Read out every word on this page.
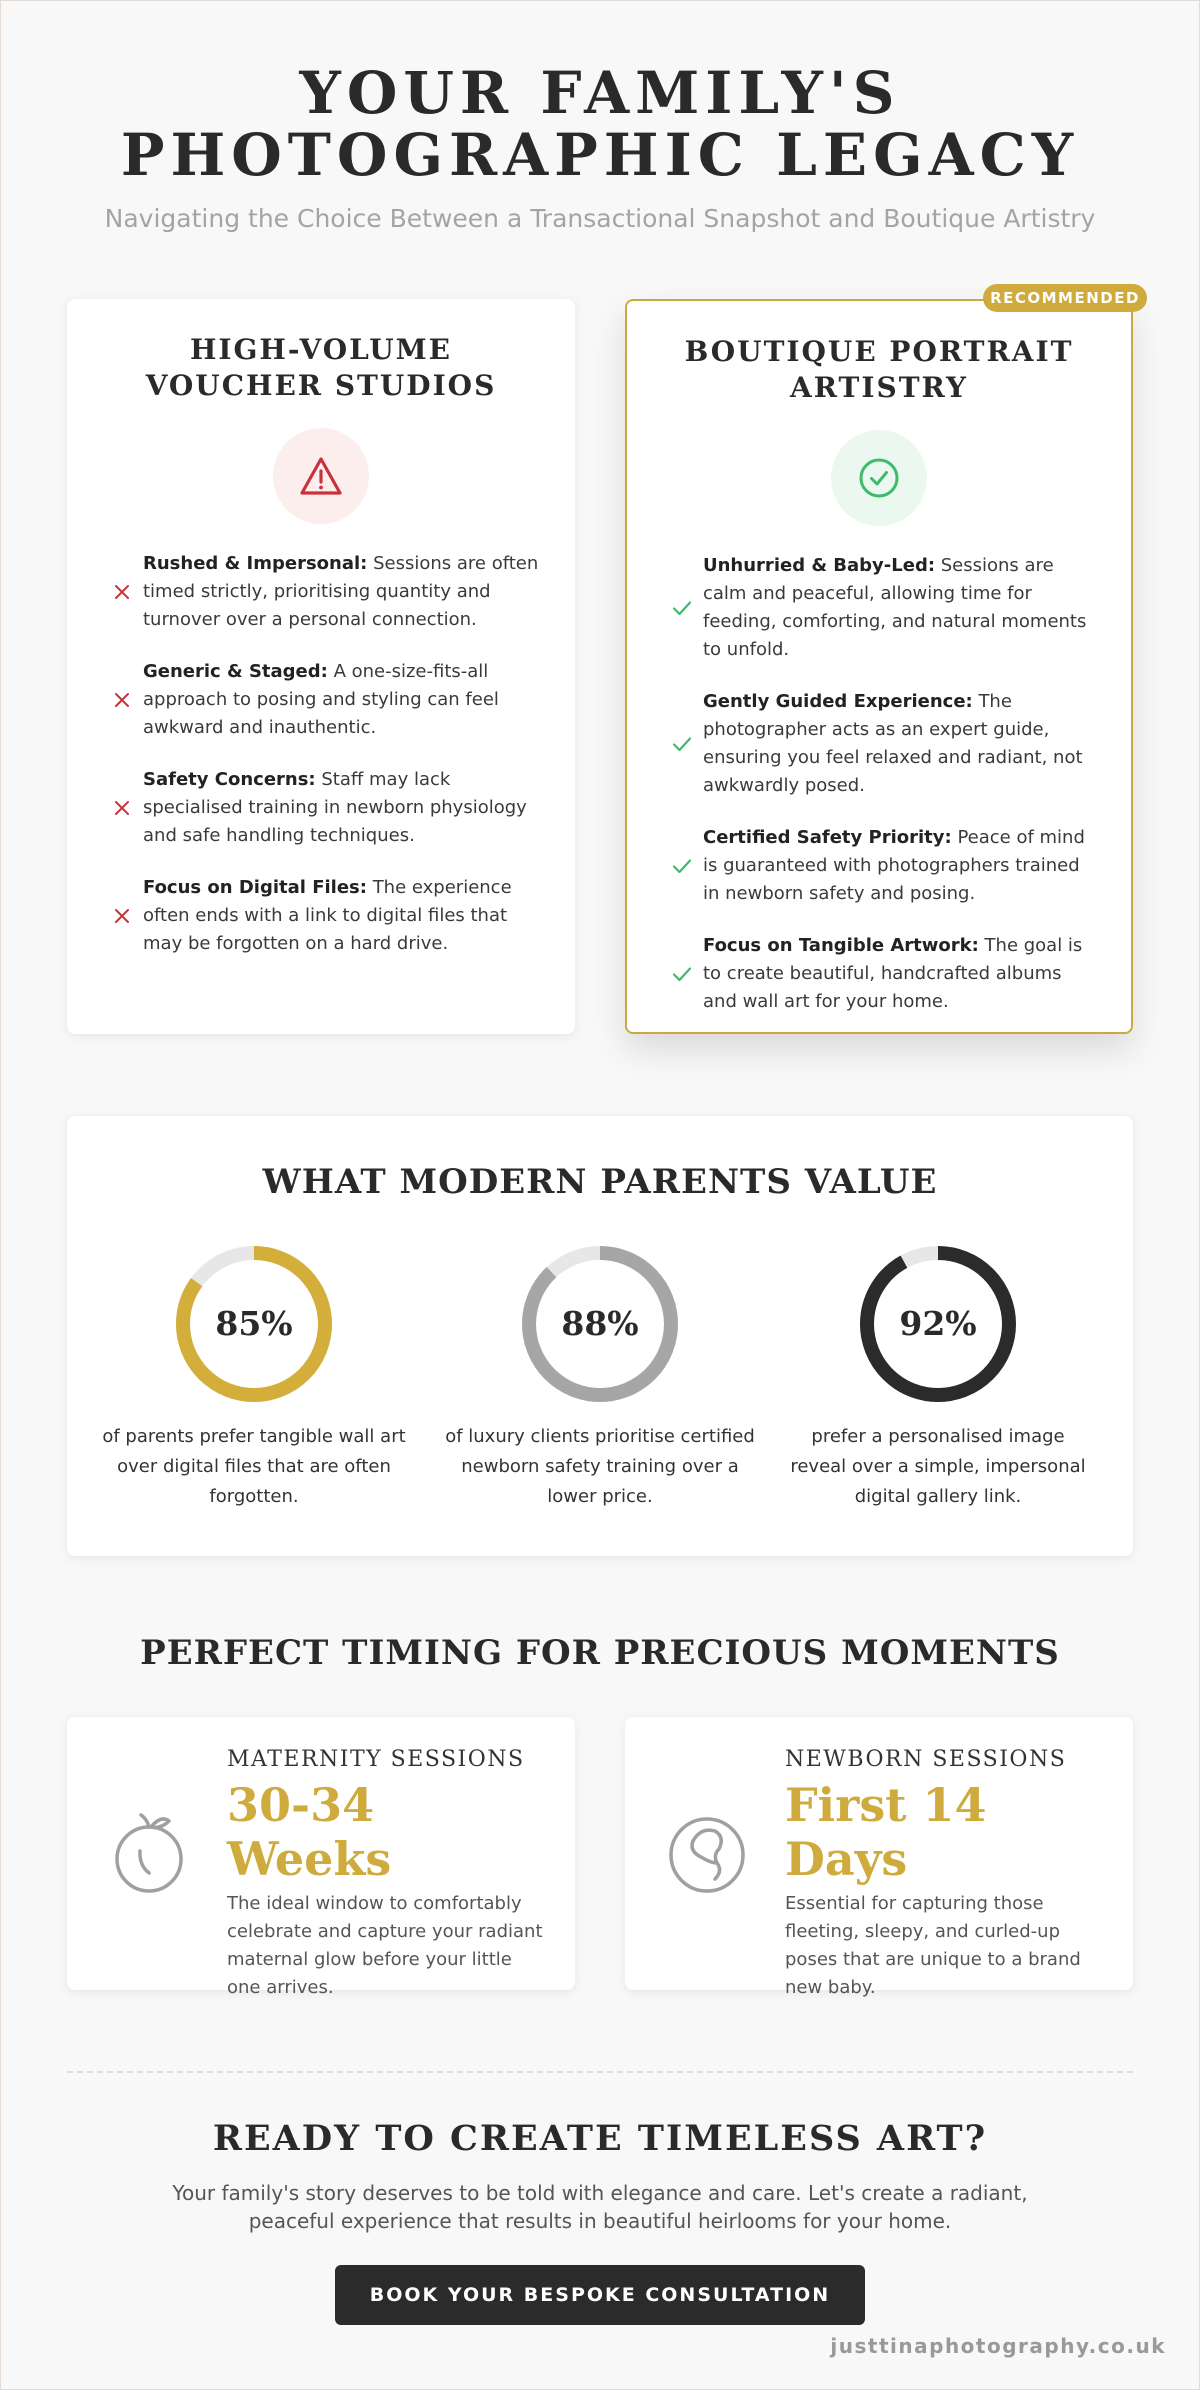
YOUR FAMILY'S
PHOTOGRAPHIC LEGACY

Navigating the Choice Between a Transactional Snapshot and Boutique Artistry

HIGH-VOLUME VOUCHER STUDIOS
Rushed & Impersonal: Sessions are often timed strictly, prioritising quantity and turnover over a personal connection.
Generic & Staged: A one-size-fits-all approach to posing and styling can feel awkward and inauthentic.
Safety Concerns: Staff may lack specialised training in newborn physiology and safe handling techniques.
Focus on Digital Files: The experience often ends with a link to digital files that may be forgotten on a hard drive.
BOUTIQUE PORTRAIT ARTISTRY
Unhurried & Baby-Led: Sessions are calm and peaceful, allowing time for feeding, comforting, and natural moments to unfold.
Gently Guided Experience: The photographer acts as an expert guide, ensuring you feel relaxed and radiant, not awkwardly posed.
Certified Safety Priority: Peace of mind is guaranteed with photographers trained in newborn safety and posing.
Focus on Tangible Artwork: The goal is to create beautiful, handcrafted albums and wall art for your home.
RECOMMENDED
WHAT MODERN PARENTS VALUE
85%

of parents prefer tangible wall art over digital files that are often forgotten.

88%

of luxury clients prioritise certified newborn safety training over a lower price.

92%

prefer a personalised image reveal over a simple, impersonal digital gallery link.

PERFECT TIMING FOR PRECIOUS MOMENTS
MATERNITY SESSIONS
30-34 Weeks
The ideal window to comfortably celebrate and capture your radiant maternal glow before your little one arrives.
NEWBORN SESSIONS
First 14 Days
Essential for capturing those fleeting, sleepy, and curled-up poses that are unique to a brand new baby.
READY TO CREATE TIMELESS ART?

Your family's story deserves to be told with elegance and care. Let's create a radiant, peaceful experience that results in beautiful heirlooms for your home.

BOOK YOUR BESPOKE CONSULTATION
justtinaphotography.co.uk
